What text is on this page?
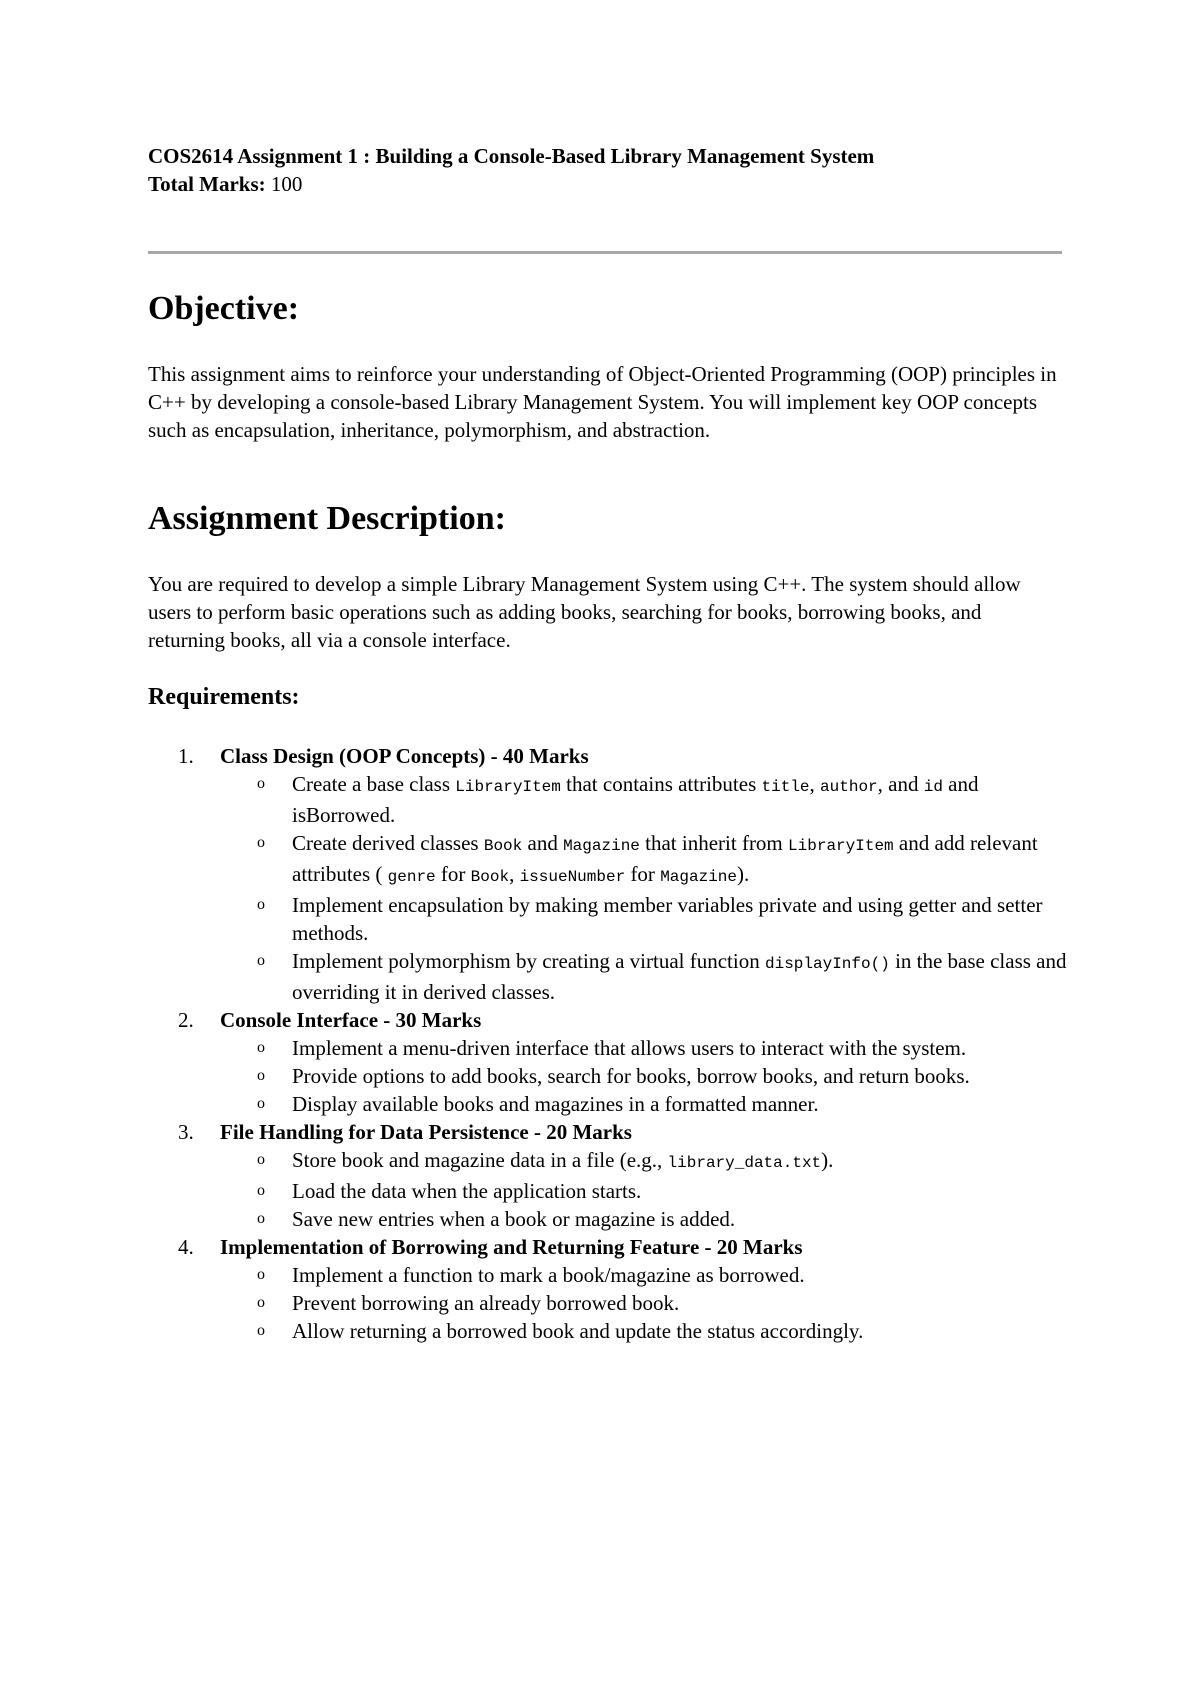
COS2614 Assignment 1 : Building a Console-Based Library Management System
Total Marks: 100
Objective:

This assignment aims to reinforce your understanding of Object-Oriented Programming (OOP) principles in C++ by developing a console-based Library Management System. You will implement key OOP concepts such as encapsulation, inheritance, polymorphism, and abstraction.

Assignment Description:

You are required to develop a simple Library Management System using C++. The system should allow users to perform basic operations such as adding books, searching for books, borrowing books, and returning books, all via a console interface.

Requirements:
1.	Class Design (OOP Concepts) - 40 Marks
o Create a base class LibraryItem that contains attributes title, author, and id and isBorrowed.
o Create derived classes Book and Magazine that inherit from LibraryItem and add relevant attributes ( genre for Book, issueNumber for Magazine).
o Implement encapsulation by making member variables private and using getter and setter methods.
o Implement polymorphism by creating a virtual function displayInfo() in the base class and overriding it in derived classes.
2.	Console Interface - 30 Marks
o Implement a menu-driven interface that allows users to interact with the system.
o Provide options to add books, search for books, borrow books, and return books.
o Display available books and magazines in a formatted manner.
3.	File Handling for Data Persistence - 20 Marks
o Store book and magazine data in a file (e.g., library_data.txt).
o Load the data when the application starts.
o Save new entries when a book or magazine is added.
4.	Implementation of Borrowing and Returning Feature - 20 Marks
o Implement a function to mark a book/magazine as borrowed.
o Prevent borrowing an already borrowed book.
o Allow returning a borrowed book and update the status accordingly.
